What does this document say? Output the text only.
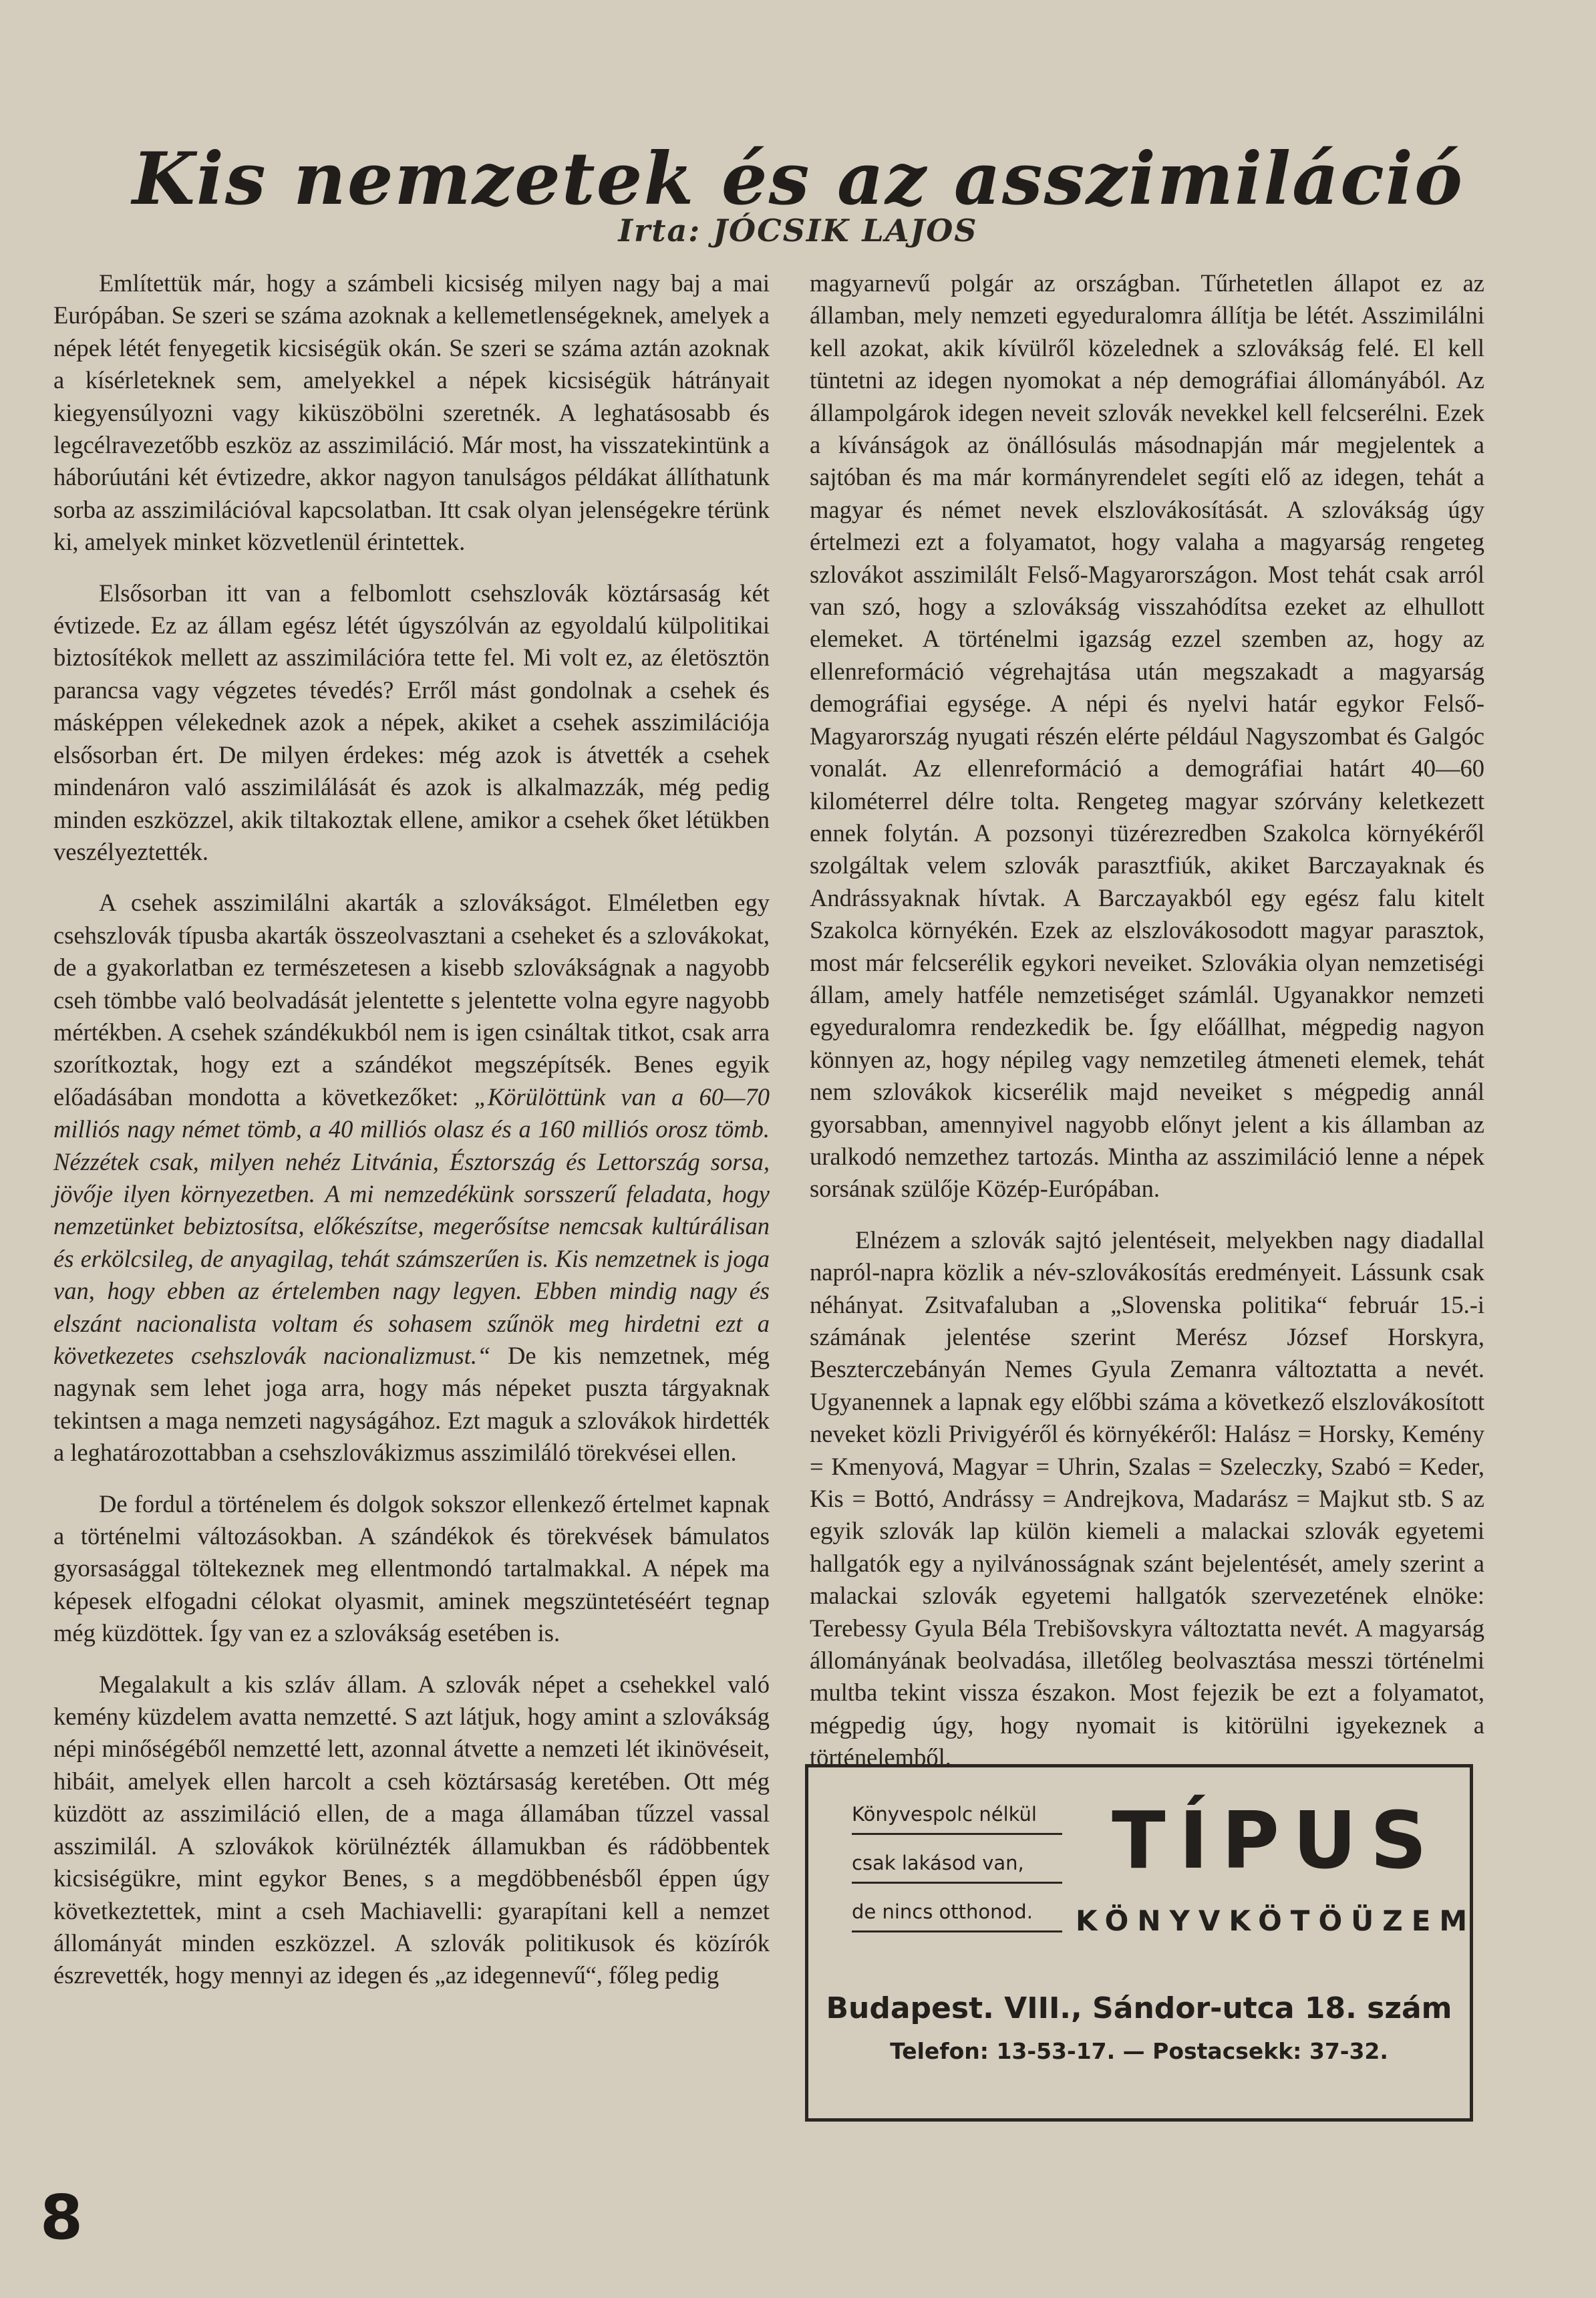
Kis nemzetek és az asszimiláció
Irta: JÓCSIK LAJOS

Említettük már, hogy a számbeli kicsiség milyen nagy baj a mai Európában. Se szeri se száma azoknak a kellemetlenségeknek, amelyek a népek létét fenyegetik kicsiségük okán. Se szeri se száma aztán azoknak a kísérleteknek sem, amelyekkel a népek kicsiségük hátrányait kiegyensúlyozni vagy kiküszöbölni szeretnék. A leghatásosabb és legcélravezetőbb eszköz az asszimiláció. Már most, ha visszatekintünk a háborúutáni két évtizedre, akkor nagyon tanulságos példákat állíthatunk sorba az asszimilációval kapcsolatban. Itt csak olyan jelenségekre térünk ki, amelyek minket közvetlenül érintettek.

Elsősorban itt van a felbomlott csehszlovák köztársaság két évtizede. Ez az állam egész létét úgyszólván az egyoldalú külpolitikai biztosítékok mellett az asszimilációra tette fel. Mi volt ez, az életösztön parancsa vagy végzetes tévedés? Erről mást gondolnak a csehek és másképpen vélekednek azok a népek, akiket a csehek asszimilációja elsősorban ért. De milyen érdekes: még azok is átvették a csehek mindenáron való asszimilálását és azok is alkalmazzák, még pedig minden eszközzel, akik tiltakoztak ellene, amikor a csehek őket létükben veszélyeztették.

A csehek asszimilálni akarták a szlovákságot. Elméletben egy csehszlovák típusba akarták összeolvasztani a cseheket és a szlovákokat, de a gyakorlatban ez természetesen a kisebb szlovákságnak a nagyobb cseh tömbbe való beolvadását jelentette s jelentette volna egyre nagyobb mértékben. A csehek szándékukból nem is igen csináltak titkot, csak arra szorítkoztak, hogy ezt a szándékot megszépítsék. Benes egyik előadásában mondotta a következőket: „Körülöttünk van a 60—70 milliós nagy német tömb, a 40 milliós olasz és a 160 milliós orosz tömb. Nézzétek csak, milyen nehéz Litvánia, Észtország és Lettország sorsa, jövője ilyen környezetben. A mi nemzedékünk sorsszerű feladata, hogy nemzetünket bebiztosítsa, előkészítse, megerősítse nemcsak kultúrálisan és erkölcsileg, de anyagilag, tehát számszerűen is. Kis nemzetnek is joga van, hogy ebben az értelemben nagy legyen. Ebben mindig nagy és elszánt nacionalista voltam és sohasem szűnök meg hirdetni ezt a következetes csehszlovák nacionalizmust.“ De kis nemzetnek, még nagynak sem lehet joga arra, hogy más népeket puszta tárgyaknak tekintsen a maga nemzeti nagyságához. Ezt maguk a szlovákok hirdették a leghatározottabban a csehszlovákizmus asszimiláló törekvései ellen.

De fordul a történelem és dolgok sokszor ellenkező értelmet kapnak a történelmi változásokban. A szándékok és törekvések bámulatos gyorsasággal töltekeznek meg ellentmondó tartalmakkal. A népek ma képesek elfogadni célokat olyasmit, aminek megszüntetéséért tegnap még küzdöttek. Így van ez a szlovákság esetében is.

Megalakult a kis szláv állam. A szlovák népet a csehekkel való kemény küzdelem avatta nemzetté. S azt látjuk, hogy amint a szlovákság népi minőségéből nemzetté lett, azonnal átvette a nemzeti lét ikinövéseit, hibáit, amelyek ellen harcolt a cseh köztársaság keretében. Ott még küzdött az asszimiláció ellen, de a maga államában tűzzel vassal asszimilál. A szlovákok körülnézték államukban és rádöbbentek kicsiségükre, mint egykor Benes, s a megdöbbenésből éppen úgy következtettek, mint a cseh Machiavelli: gyarapítani kell a nemzet állományát minden eszközzel. A szlovák politikusok és közírók észrevették, hogy mennyi az idegen és „az idegennevű“, főleg pedig

magyarnevű polgár az országban. Tűrhetetlen állapot ez az államban, mely nemzeti egyeduralomra állítja be létét. Asszimilálni kell azokat, akik kívülről közelednek a szlovákság felé. El kell tüntetni az idegen nyomokat a nép demográfiai állományából. Az állampolgárok idegen neveit szlovák nevekkel kell felcserélni. Ezek a kívánságok az önállósulás másodnapján már megjelentek a sajtóban és ma már kormányrendelet segíti elő az idegen, tehát a magyar és német nevek elszlovákosítását. A szlovákság úgy értelmezi ezt a folyamatot, hogy valaha a magyarság rengeteg szlovákot asszimilált Felső-Magyarországon. Most tehát csak arról van szó, hogy a szlovákság visszahódítsa ezeket az elhullott elemeket. A történelmi igazság ezzel szemben az, hogy az ellenreformáció végrehajtása után megszakadt a magyarság demográfiai egysége. A népi és nyelvi határ egykor Felső-Magyarország nyugati részén elérte például Nagyszombat és Galgóc vonalát. Az ellenreformáció a demográfiai határt 40—60 kilométerrel délre tolta. Rengeteg magyar szórvány keletkezett ennek folytán. A pozsonyi tüzérezredben Szakolca környékéről szolgáltak velem szlovák parasztfiúk, akiket Barczayaknak és Andrássyaknak hívtak. A Barczayakból egy egész falu kitelt Szakolca környékén. Ezek az elszlovákosodott magyar parasztok, most már felcserélik egykori neveiket. Szlovákia olyan nemzetiségi állam, amely hatféle nemzetiséget számlál. Ugyanakkor nemzeti egyeduralomra rendezkedik be. Így előállhat, mégpedig nagyon könnyen az, hogy népileg vagy nemzetileg átmeneti elemek, tehát nem szlovákok kicserélik majd neveiket s mégpedig annál gyorsabban, amennyivel nagyobb előnyt jelent a kis államban az uralkodó nemzethez tartozás. Mintha az asszimiláció lenne a népek sorsának szülője Közép-Európában.

Elnézem a szlovák sajtó jelentéseit, melyekben nagy diadallal napról-napra közlik a név-szlovákosítás eredményeit. Lássunk csak néhányat. Zsitvafaluban a „Slovenska politika“ február 15.-i számának jelentése szerint Merész József Horskyra, Beszterczebányán Nemes Gyula Zemanra változtatta a nevét. Ugyanennek a lapnak egy előbbi száma a következő elszlovákosított neveket közli Privigyéről és környékéről: Halász = Horsky, Kemény = Kmenyová, Magyar = Uhrin, Szalas = Szeleczky, Szabó = Keder, Kis = Bottó, Andrássy = Andrejkova, Madarász = Majkut stb. S az egyik szlovák lap külön kiemeli a malackai szlovák egyetemi hallgatók egy a nyilvánosságnak szánt bejelentését, amely szerint a malackai szlovák egyetemi hallgatók szervezetének elnöke: Terebessy Gyula Béla Trebišovskyra változtatta nevét. A magyarság állományának beolvadása, illetőleg beolvasztása messzi történelmi multba tekint vissza északon. Most fejezik be ezt a folyamatot, mégpedig úgy, hogy nyomait is kitörülni igyekeznek a történelemből.

Könyvespolc nélkül
csak lakásod van,
de nincs otthonod.
TÍPUS
KÖNYVKÖTÖÜZEM
Budapest. VIII., Sándor-utca 18. szám
Telefon: 13-53-17. — Postacsekk: 37-32.
8
